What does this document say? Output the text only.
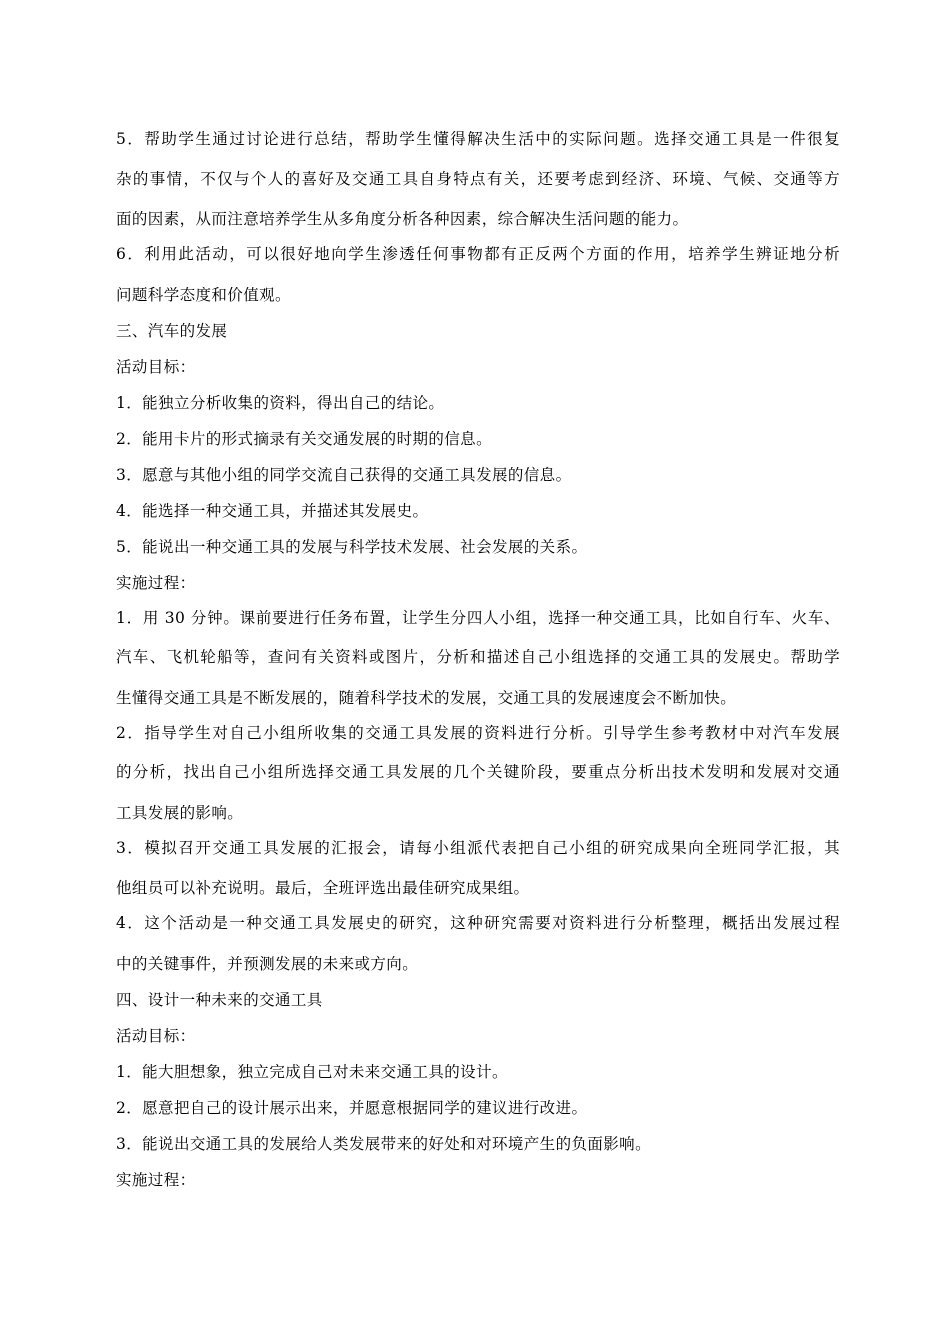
5．帮助学生通过讨论进行总结，帮助学生懂得解决生活中的实际问题。选择交通工具是一件很复
杂的事情，不仅与个人的喜好及交通工具自身特点有关，还要考虑到经济、环境、气候、交通等方
面的因素，从而注意培养学生从多角度分析各种因素，综合解决生活问题的能力。
6．利用此活动，可以很好地向学生渗透任何事物都有正反两个方面的作用，培养学生辨证地分析
问题科学态度和价值观。
三、汽车的发展
活动目标：
1．能独立分析收集的资料，得出自己的结论。
2．能用卡片的形式摘录有关交通发展的时期的信息。
3．愿意与其他小组的同学交流自己获得的交通工具发展的信息。
4．能选择一种交通工具，并描述其发展史。
5．能说出一种交通工具的发展与科学技术发展、社会发展的关系。
实施过程：
1．用 30 分钟。课前要进行任务布置，让学生分四人小组，选择一种交通工具，比如自行车、火车、
汽车、飞机轮船等，查问有关资料或图片，分析和描述自己小组选择的交通工具的发展史。帮助学
生懂得交通工具是不断发展的，随着科学技术的发展，交通工具的发展速度会不断加快。
2．指导学生对自己小组所收集的交通工具发展的资料进行分析。引导学生参考教材中对汽车发展
的分析，找出自己小组所选择交通工具发展的几个关键阶段，要重点分析出技术发明和发展对交通
工具发展的影响。
3．模拟召开交通工具发展的汇报会，请每小组派代表把自己小组的研究成果向全班同学汇报，其
他组员可以补充说明。最后，全班评选出最佳研究成果组。
4．这个活动是一种交通工具发展史的研究，这种研究需要对资料进行分析整理，概括出发展过程
中的关键事件，并预测发展的未来或方向。
四、设计一种未来的交通工具
活动目标：
1．能大胆想象，独立完成自己对未来交通工具的设计。
2．愿意把自己的设计展示出来，并愿意根据同学的建议进行改进。
3．能说出交通工具的发展给人类发展带来的好处和对环境产生的负面影响。
实施过程：
